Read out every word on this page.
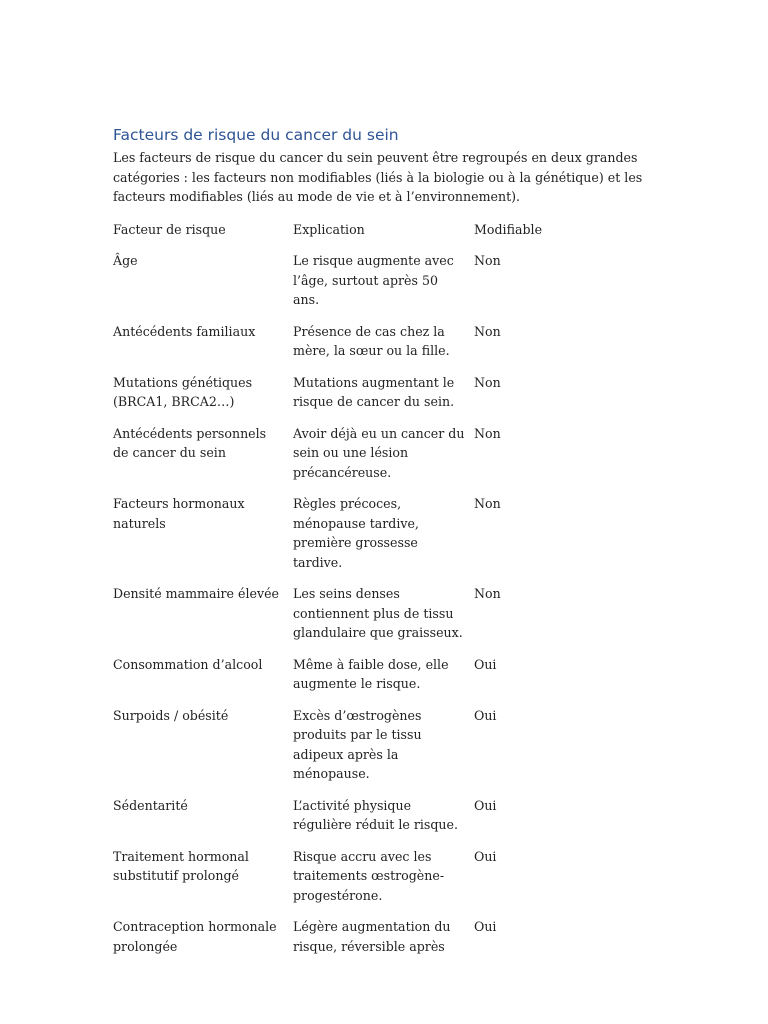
Facteurs de risque du cancer du sein

Les facteurs de risque du cancer du sein peuvent être regroupés en deux grandes catégories : les facteurs non modifiables (liés à la biologie ou à la génétique) et les facteurs modifiables (liés au mode de vie et à l’environnement).

Facteur de risque	Explication	Modifiable
Âge	Le risque augmente avec l’âge, surtout après 50 ans.	Non
Antécédents familiaux	Présence de cas chez la mère, la sœur ou la fille.	Non
Mutations génétiques (BRCA1, BRCA2…)	Mutations augmentant le risque de cancer du sein.	Non
Antécédents personnels de cancer du sein	Avoir déjà eu un cancer du sein ou une lésion précancéreuse.	Non
Facteurs hormonaux naturels	Règles précoces, ménopause tardive, première grossesse tardive.	Non
Densité mammaire élevée	Les seins denses contiennent plus de tissu glandulaire que graisseux.	Non
Consommation d’alcool	Même à faible dose, elle augmente le risque.	Oui
Surpoids / obésité	Excès d’œstrogènes produits par le tissu adipeux après la ménopause.	Oui
Sédentarité	L’activité physique régulière réduit le risque.	Oui
Traitement hormonal substitutif prolongé	Risque accru avec les traitements œstrogène-progestérone.	Oui
Contraception hormonale prolongée	Légère augmentation du risque, réversible après	Oui
